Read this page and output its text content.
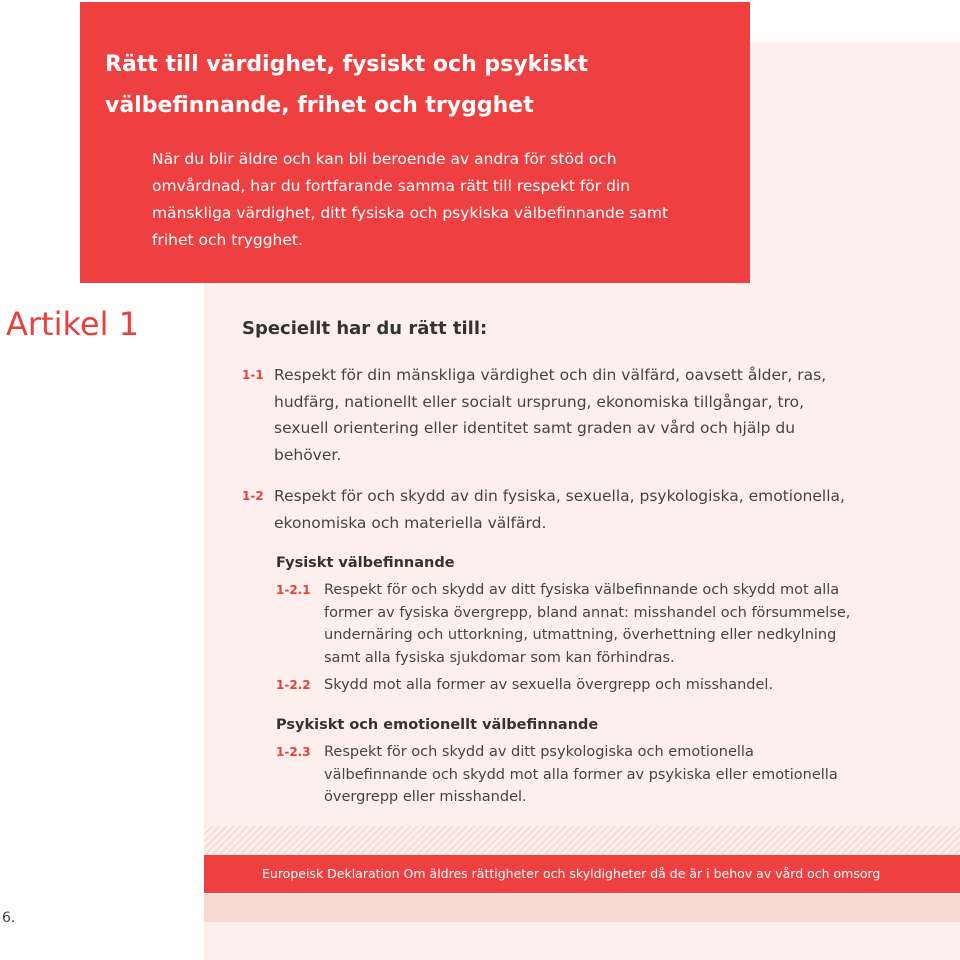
Rätt till värdighet, fysiskt och psykiskt
välbefinnande, frihet och trygghet

När du blir äldre och kan bli beroende av andra för stöd och
omvårdnad, har du fortfarande samma rätt till respekt för din
mänskliga värdighet, ditt fysiska och psykiska välbefinnande samt
frihet och trygghet.

Artikel 1	Speciellt har du rätt till:
1-1 Respekt för din mänskliga värdighet och din välfärd, oavsett ålder, ras,
hudfärg, nationellt eller socialt ursprung, ekonomiska tillgångar, tro,
sexuell orientering eller identitet samt graden av vård och hjälp du
behöver.
1-2 Respekt för och skydd av din fysiska, sexuella, psykologiska, emotionella,
ekonomiska och materiella välfärd.
Fysiskt välbefinnande
1-2.1 Respekt för och skydd av ditt fysiska välbefinnande och skydd mot alla
former av fysiska övergrepp, bland annat: misshandel och försummelse,
undernäring och uttorkning, utmattning, överhettning eller nedkylning
samt alla fysiska sjukdomar som kan förhindras.
1-2.2 Skydd mot alla former av sexuella övergrepp och misshandel.
Psykiskt och emotionellt välbefinnande
1-2.3 Respekt för och skydd av ditt psykologiska och emotionella
välbefinnande och skydd mot alla former av psykiska eller emotionella
övergrepp eller misshandel.
Europeisk Deklaration Om äldres rättigheter och skyldigheter då de är i behov av vård och omsorg
6.
